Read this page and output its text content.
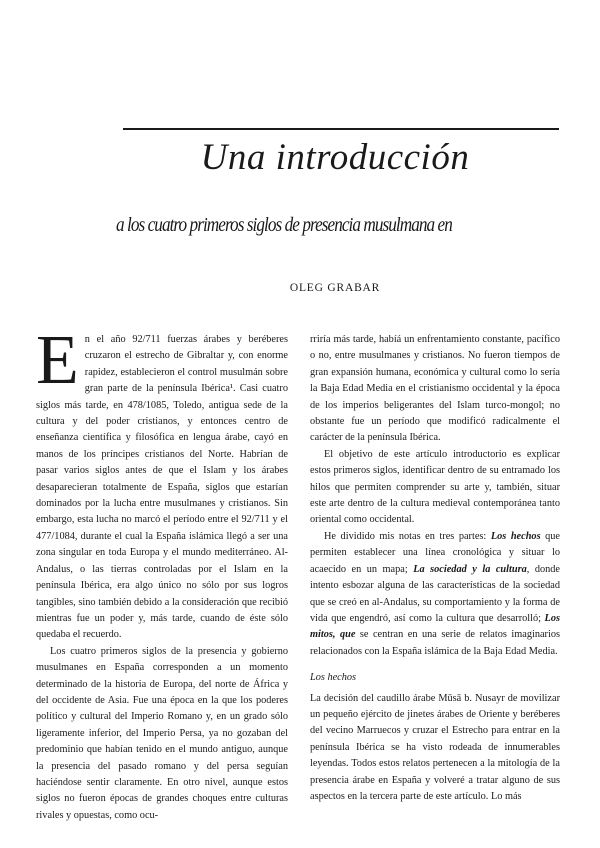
Una introducción
a los cuatro primeros siglos de presencia musulmana en
OLEG GRABAR

En el año 92/711 fuerzas árabes y beréberes cruzaron el estrecho de Gibraltar y, con enorme rapidez, establecieron el control musulmán sobre gran parte de la península Ibérica¹. Casi cuatro siglos más tarde, en 478/1085, Toledo, antigua sede de la cultura y del poder cristianos, y entonces centro de enseñanza científica y filosófica en lengua árabe, cayó en manos de los príncipes cristianos del Norte. Habrían de pasar varios siglos antes de que el Islam y los árabes desaparecieran totalmente de España, siglos que estarían dominados por la lucha entre musulmanes y cristianos. Sin embargo, esta lucha no marcó el período entre el 92/711 y el 477/1084, durante el cual la España islámica llegó a ser una zona singular en toda Europa y el mundo mediterráneo. Al-Andalus, o las tierras controladas por el Islam en la península Ibérica, era algo único no sólo por sus logros tangibles, sino también debido a la consideración que recibió mientras fue un poder y, más tarde, cuando de éste sólo quedaba el recuerdo.

Los cuatro primeros siglos de la presencia y gobierno musulmanes en España corresponden a un momento determinado de la historia de Europa, del norte de África y del occidente de Asia. Fue una época en la que los poderes político y cultural del Imperio Romano y, en un grado sólo ligeramente inferior, del Imperio Persa, ya no gozaban del predominio que habían tenido en el mundo antiguo, aunque la presencia del pasado romano y del persa seguían haciéndose sentir claramente. En otro nivel, aunque estos siglos no fueron épocas de grandes choques entre culturas rivales y opuestas, como ocu-

rriría más tarde, habíá un enfrentamiento constante, pacífico o no, entre musulmanes y cristianos. No fueron tiempos de gran expansión humana, económica y cultural como lo sería la Baja Edad Media en el cristianismo occidental y la época de los imperios beligerantes del Islam turco-mongol; no obstante fue un período que modificó radicalmente el carácter de la península Ibérica.

El objetivo de este artículo introductorio es explicar estos primeros siglos, identificar dentro de su entramado los hilos que permiten comprender su arte y, también, situar este arte dentro de la cultura medieval contemporánea tanto oriental como occidental.

He dividido mis notas en tres partes: Los hechos que permiten establecer una línea cronológica y situar lo acaecido en un mapa; La sociedad y la cultura, donde intento esbozar alguna de las características de la sociedad que se creó en al-Andalus, su comportamiento y la forma de vida que engendró, así como la cultura que desarrolló; Los mitos, que se centran en una serie de relatos imaginarios relacionados con la España islámica de la Baja Edad Media.

Los hechos

La decisión del caudillo árabe Mūsā b. Nusayr de movilizar un pequeño ejército de jinetes árabes de Oriente y beréberes del vecino Marruecos y cruzar el Estrecho para entrar en la península Ibérica se ha visto rodeada de innumerables leyendas. Todos estos relatos pertenecen a la mitología de la presencia árabe en España y volveré a tratar alguno de sus aspectos en la tercera parte de este artículo. Lo más
